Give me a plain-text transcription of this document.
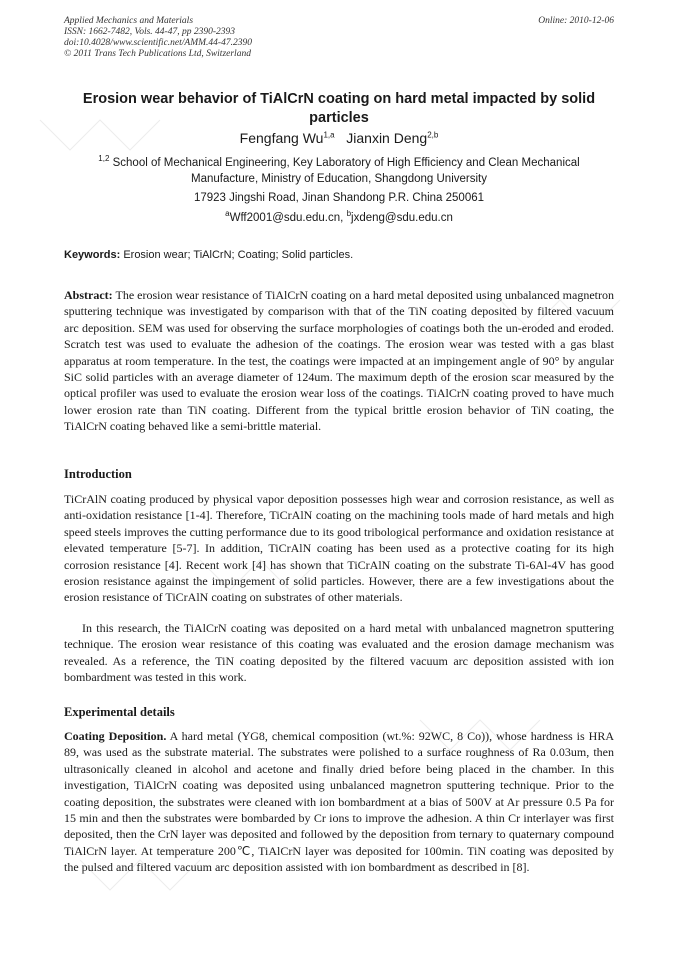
Applied Mechanics and Materials
ISSN: 1662-7482, Vols. 44-47, pp 2390-2393
doi:10.4028/www.scientific.net/AMM.44-47.2390
© 2011 Trans Tech Publications Ltd, Switzerland
Online: 2010-12-06
Erosion wear behavior of TiAlCrN coating on hard metal impacted by solid particles
Fengfang Wu$^{1,a}$ Jianxin Deng$^{2,b}$
$^{1,2}$ School of Mechanical Engineering, Key Laboratory of High Efficiency and Clean Mechanical Manufacture, Ministry of Education, Shangdong University
17923 Jingshi Road, Jinan Shandong P.R. China 250061
$^a$Wff2001@sdu.edu.cn, $^b$jxdeng@sdu.edu.cn
Keywords: Erosion wear; TiAlCrN; Coating; Solid particles.
Abstract: The erosion wear resistance of TiAlCrN coating on a hard metal deposited using unbalanced magnetron sputtering technique was investigated by comparison with that of the TiN coating deposited by filtered vacuum arc deposition. SEM was used for observing the surface morphologies of coatings both the un-eroded and eroded. Scratch test was used to evaluate the adhesion of the coatings. The erosion wear was tested with a gas blast apparatus at room temperature. In the test, the coatings were impacted at an impingement angle of 90° by angular SiC solid particles with an average diameter of 124um. The maximum depth of the erosion scar measured by the optical profiler was used to evaluate the erosion wear loss of the coatings. TiAlCrN coating proved to have much lower erosion rate than TiN coating. Different from the typical brittle erosion behavior of TiN coating, the TiAlCrN coating behaved like a semi-brittle material.
Introduction
TiCrAlN coating produced by physical vapor deposition possesses high wear and corrosion resistance, as well as anti-oxidation resistance [1-4]. Therefore, TiCrAlN coating on the machining tools made of hard metals and high speed steels improves the cutting performance due to its good tribological performance and oxidation resistance at elevated temperature [5-7]. In addition, TiCrAlN coating has been used as a protective coating for its high corrosion resistance [4]. Recent work [4] has shown that TiCrAlN coating on the substrate Ti-6Al-4V has good erosion resistance against the impingement of solid particles. However, there are a few investigations about the erosion resistance of TiCrAlN coating on substrates of other materials.
In this research, the TiAlCrN coating was deposited on a hard metal with unbalanced magnetron sputtering technique. The erosion wear resistance of this coating was evaluated and the erosion damage mechanism was revealed. As a reference, the TiN coating deposited by the filtered vacuum arc deposition assisted with ion bombardment was tested in this work.
Experimental details
Coating Deposition. A hard metal (YG8, chemical composition (wt.%: 92WC, 8 Co)), whose hardness is HRA 89, was used as the substrate material. The substrates were polished to a surface roughness of Ra 0.03um, then ultrasonically cleaned in alcohol and acetone and finally dried before being placed in the chamber. In this investigation, TiAlCrN coating was deposited using unbalanced magnetron sputtering technique. Prior to the coating deposition, the substrates were cleaned with ion bombardment at a bias of 500V at Ar pressure 0.5 Pa for 15 min and then the substrates were bombarded by Cr ions to improve the adhesion. A thin Cr interlayer was first deposited, then the CrN layer was deposited and followed by the deposition from ternary to quaternary compound TiAlCrN layer. At temperature 200℃, TiAlCrN layer was deposited for 100min. TiN coating was deposited by the pulsed and filtered vacuum arc deposition assisted with ion bombardment as described in [8].
